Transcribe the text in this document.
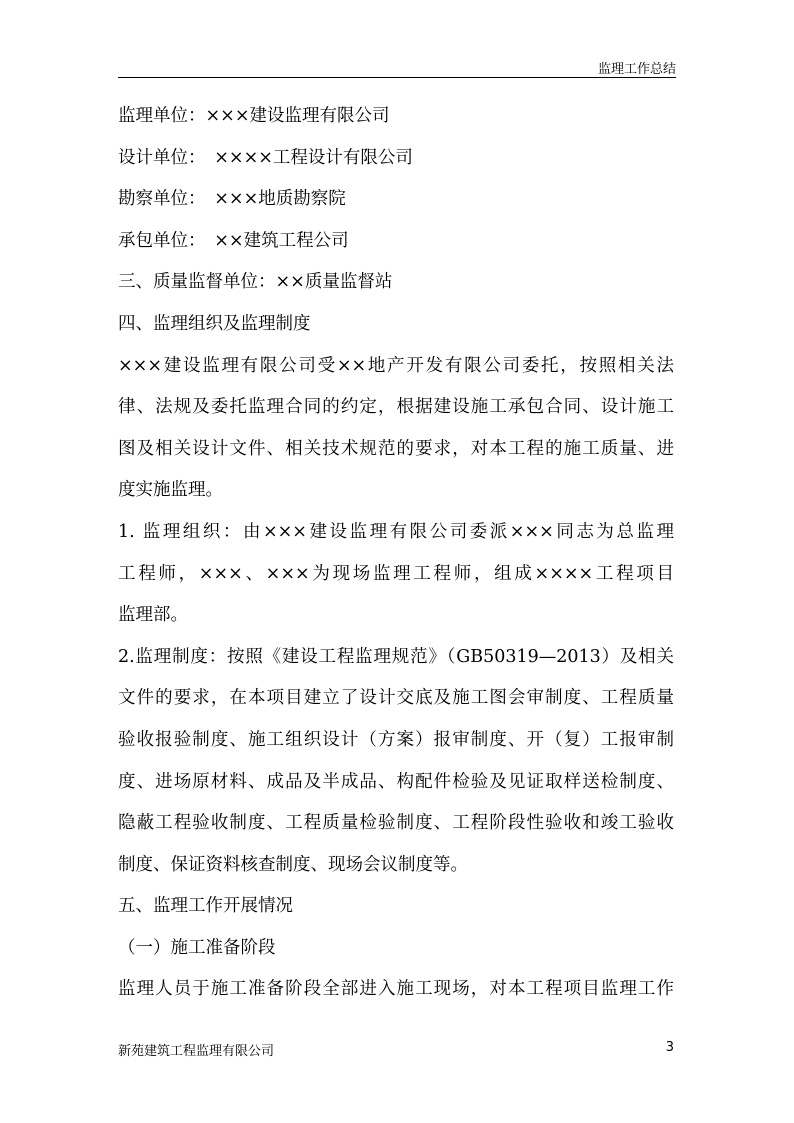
监理工作总结
监理单位：×××建设监理有限公司
设计单位：　××××工程设计有限公司
勘察单位：　×××地质勘察院
承包单位：　××建筑工程公司
三、质量监督单位：××质量监督站
四、监理组织及监理制度
×××建设监理有限公司受××地产开发有限公司委托，按照相关法
律、法规及委托监理合同的约定，根据建设施工承包合同、设计施工
图及相关设计文件、相关技术规范的要求，对本工程的施工质量、进
度实施监理。
1. 监理组织：由×××建设监理有限公司委派×××同志为总监理
工程师，×××、×××为现场监理工程师，组成××××工程项目
监理部。
2.监理制度：按照《建设工程监理规范》（GB50319—2013）及相关
文件的要求，在本项目建立了设计交底及施工图会审制度、工程质量
验收报验制度、施工组织设计（方案）报审制度、开（复）工报审制
度、进场原材料、成品及半成品、构配件检验及见证取样送检制度、
隐蔽工程验收制度、工程质量检验制度、工程阶段性验收和竣工验收
制度、保证资料核查制度、现场会议制度等。
五、监理工作开展情况
（一）施工准备阶段
监理人员于施工准备阶段全部进入施工现场，对本工程项目监理工作
新苑建筑工程监理有限公司	3
